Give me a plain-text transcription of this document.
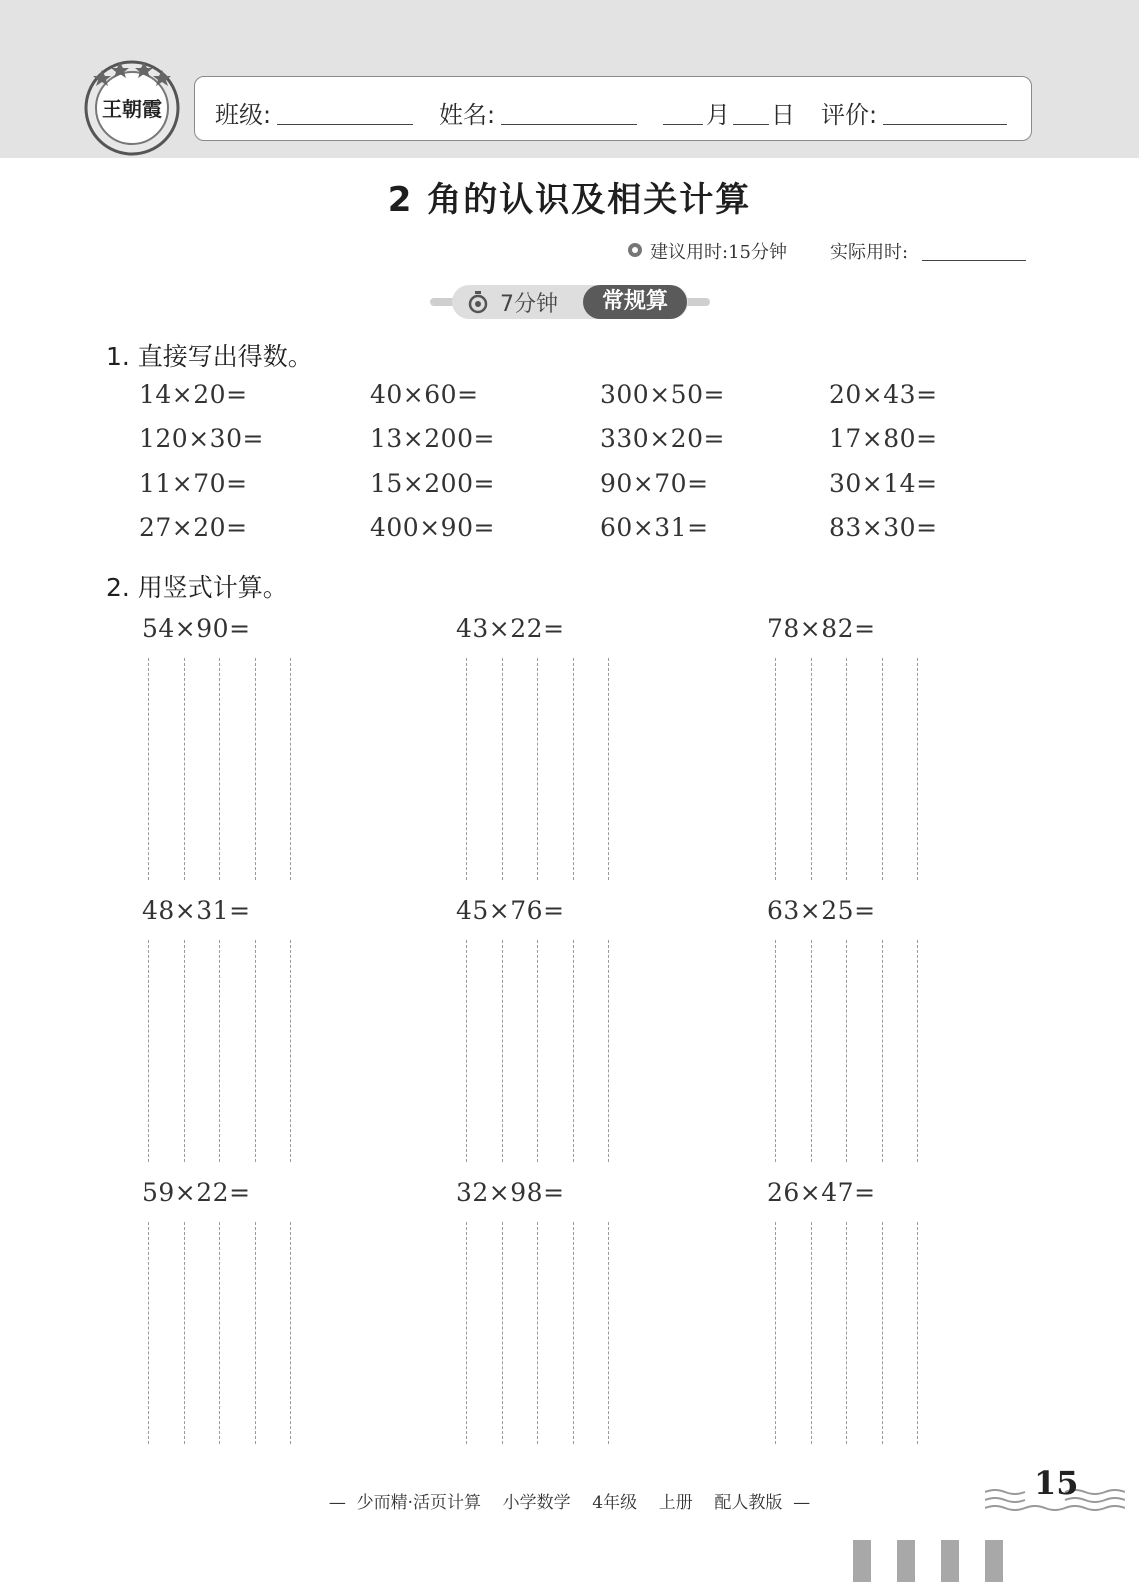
王朝霞 班级:	姓名:	月 日 评价:
2 角的认识及相关计算
建议用时:15分钟 实际用时:
7分钟	常规算
1. 直接写出得数。
14×20=	40×60=	300×50=	20×43=
120×30=	13×200=	330×20=	17×80=
11×70=	15×200=	90×70=	30×14=
27×20=	400×90=	60×31=	83×30=
2. 用竖式计算。
54×90=	43×22=	78×82=
48×31=	45×76=	63×25=
59×22=	32×98=	26×47=
—  少而精·活页计算    小学数学    4年级    上册    配人教版  —
15
